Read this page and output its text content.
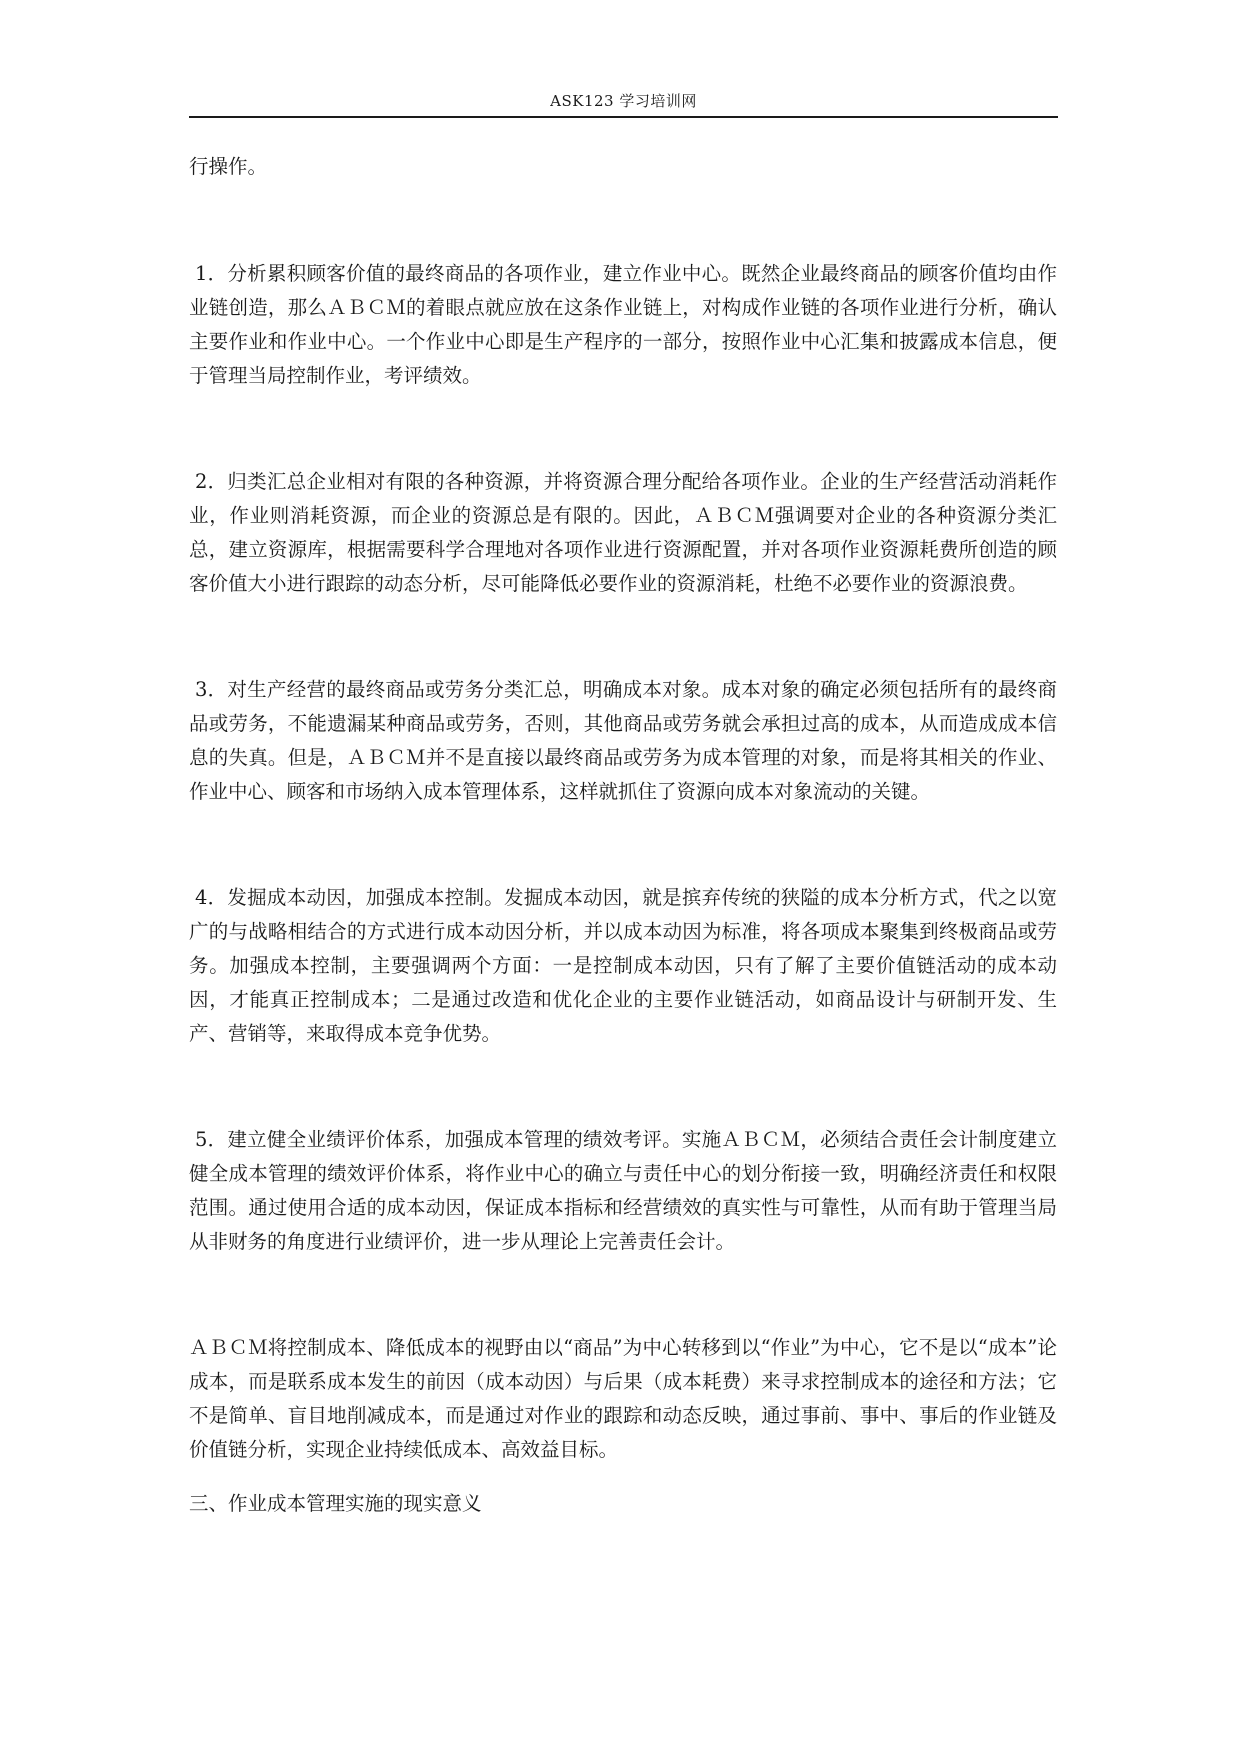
ASK123 学习培训网

行操作。

1．分析累积顾客价值的最终商品的各项作业，建立作业中心。既然企业最终商品的顾客价值均由作业链创造，那么ＡＢＣＭ的着眼点就应放在这条作业链上，对构成作业链的各项作业进行分析，确认主要作业和作业中心。一个作业中心即是生产程序的一部分，按照作业中心汇集和披露成本信息，便于管理当局控制作业，考评绩效。

2．归类汇总企业相对有限的各种资源，并将资源合理分配给各项作业。企业的生产经营活动消耗作业，作业则消耗资源，而企业的资源总是有限的。因此，ＡＢＣＭ强调要对企业的各种资源分类汇总，建立资源库，根据需要科学合理地对各项作业进行资源配置，并对各项作业资源耗费所创造的顾客价值大小进行跟踪的动态分析，尽可能降低必要作业的资源消耗，杜绝不必要作业的资源浪费。

3．对生产经营的最终商品或劳务分类汇总，明确成本对象。成本对象的确定必须包括所有的最终商品或劳务，不能遗漏某种商品或劳务，否则，其他商品或劳务就会承担过高的成本，从而造成成本信息的失真。但是，ＡＢＣＭ并不是直接以最终商品或劳务为成本管理的对象，而是将其相关的作业、作业中心、顾客和市场纳入成本管理体系，这样就抓住了资源向成本对象流动的关键。

4．发掘成本动因，加强成本控制。发掘成本动因，就是摈弃传统的狭隘的成本分析方式，代之以宽广的与战略相结合的方式进行成本动因分析，并以成本动因为标准，将各项成本聚集到终极商品或劳务。加强成本控制，主要强调两个方面：一是控制成本动因，只有了解了主要价值链活动的成本动因，才能真正控制成本；二是通过改造和优化企业的主要作业链活动，如商品设计与研制开发、生产、营销等，来取得成本竞争优势。

5．建立健全业绩评价体系，加强成本管理的绩效考评。实施ＡＢＣＭ，必须结合责任会计制度建立健全成本管理的绩效评价体系，将作业中心的确立与责任中心的划分衔接一致，明确经济责任和权限范围。通过使用合适的成本动因，保证成本指标和经营绩效的真实性与可靠性，从而有助于管理当局从非财务的角度进行业绩评价，进一步从理论上完善责任会计。

ＡＢＣＭ将控制成本、降低成本的视野由以“商品”为中心转移到以“作业”为中心，它不是以“成本”论成本，而是联系成本发生的前因（成本动因）与后果（成本耗费）来寻求控制成本的途径和方法；它不是简单、盲目地削减成本，而是通过对作业的跟踪和动态反映，通过事前、事中、事后的作业链及价值链分析，实现企业持续低成本、高效益目标。

三、作业成本管理实施的现实意义
